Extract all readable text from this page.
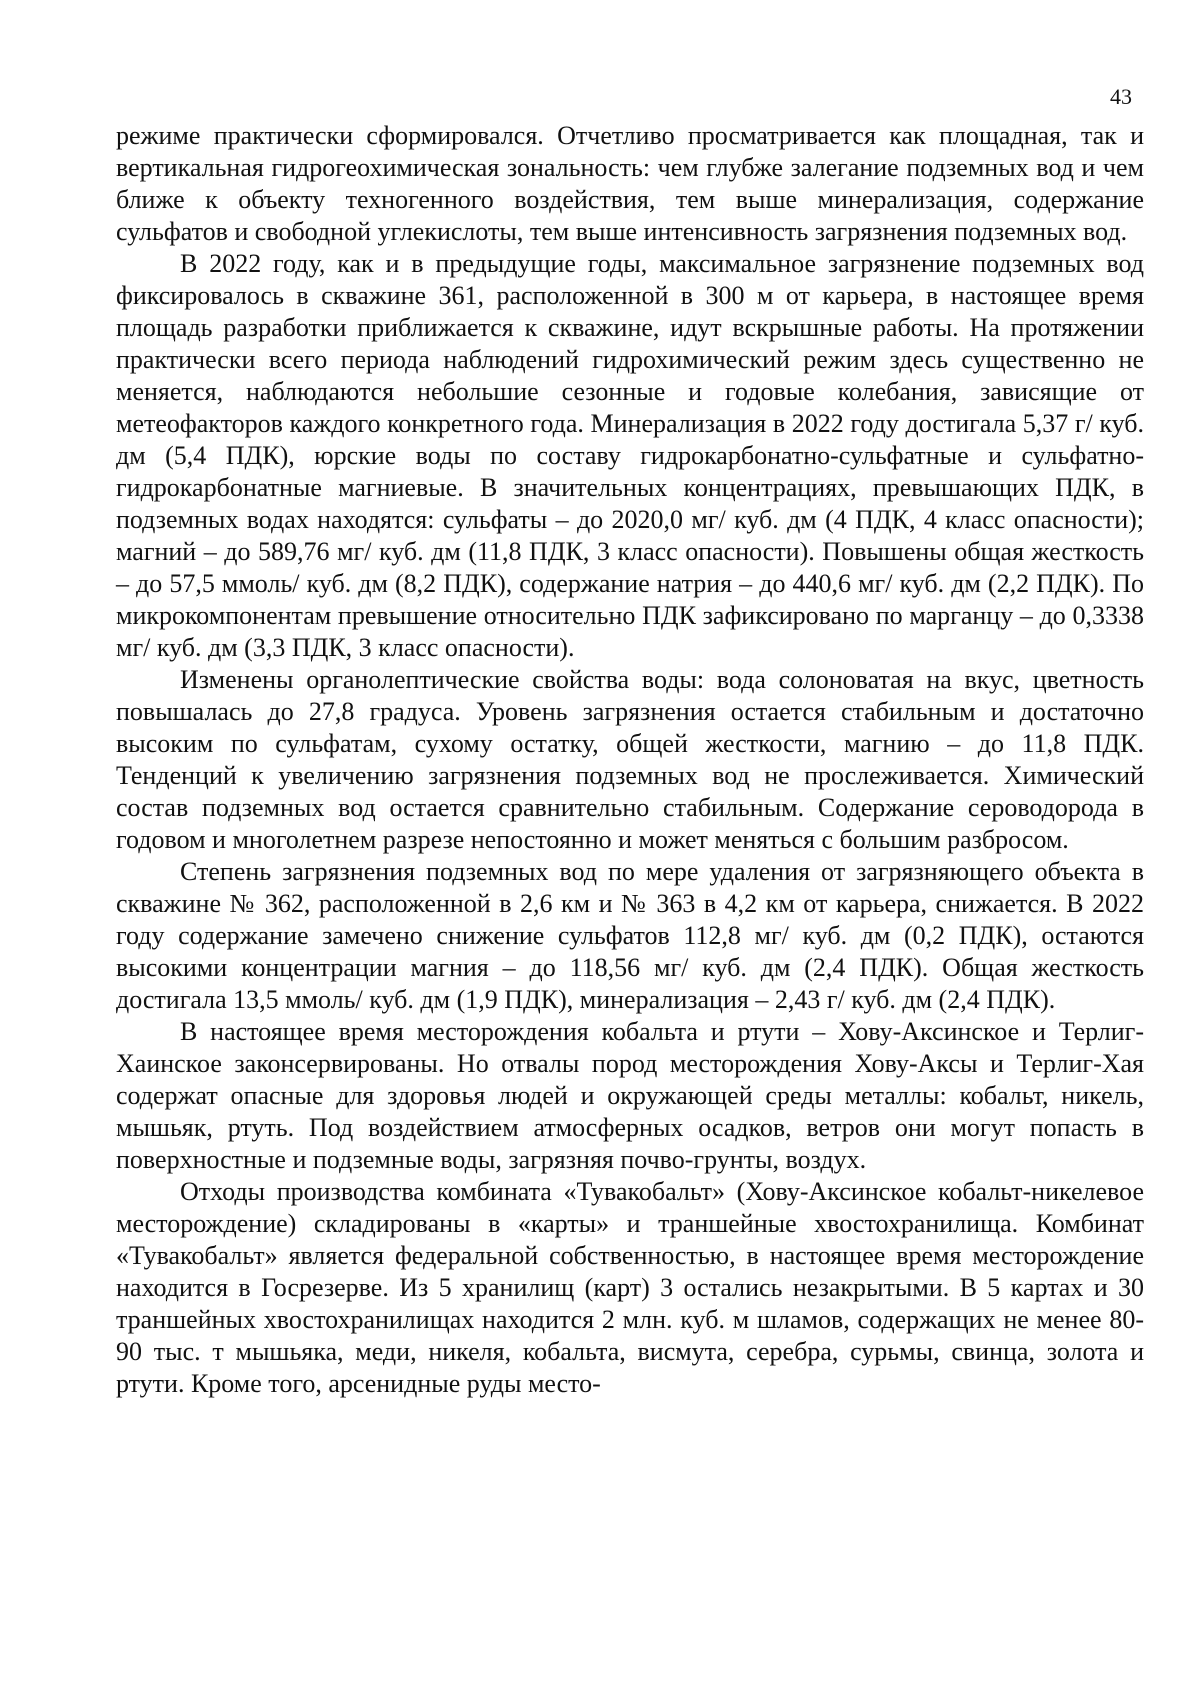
43

режиме практически сформировался. Отчетливо просматривается как площадная, так и вертикальная гидрогеохимическая зональность: чем глубже залегание подземных вод и чем ближе к объекту техногенного воздействия, тем выше минерализация, содержание сульфатов и свободной углекислоты, тем выше интенсивность загрязнения подземных вод.

В 2022 году, как и в предыдущие годы, максимальное загрязнение подземных вод фиксировалось в скважине 361, расположенной в 300 м от карьера, в настоящее время площадь разработки приближается к скважине, идут вскрышные работы. На протяжении практически всего периода наблюдений гидрохимический режим здесь существенно не меняется, наблюдаются небольшие сезонные и годовые колебания, зависящие от метеофакторов каждого конкретного года. Минерализация в 2022 году достигала 5,37 г/ куб. дм (5,4 ПДК), юрские воды по составу гидрокарбонатно-сульфатные и сульфатно-гидрокарбонатные магниевые. В значительных концентрациях, превышающих ПДК, в подземных водах находятся: сульфаты – до 2020,0 мг/ куб. дм (4 ПДК, 4 класс опасности); магний – до 589,76 мг/ куб. дм (11,8 ПДК, 3 класс опасности). Повышены общая жесткость – до 57,5 ммоль/ куб. дм (8,2 ПДК), содержание натрия – до 440,6 мг/ куб. дм (2,2 ПДК). По микрокомпонентам превышение относительно ПДК зафиксировано по марганцу – до 0,3338 мг/ куб. дм (3,3 ПДК, 3 класс опасности).

Изменены органолептические свойства воды: вода солоноватая на вкус, цветность повышалась до 27,8 градуса. Уровень загрязнения остается стабильным и достаточно высоким по сульфатам, сухому остатку, общей жесткости, магнию – до 11,8 ПДК. Тенденций к увеличению загрязнения подземных вод не прослеживается. Химический состав подземных вод остается сравнительно стабильным. Содержание сероводорода в годовом и многолетнем разрезе непостоянно и может меняться с большим разбросом.

Степень загрязнения подземных вод по мере удаления от загрязняющего объекта в скважине № 362, расположенной в 2,6 км и № 363 в 4,2 км от карьера, снижается. В 2022 году содержание замечено снижение сульфатов 112,8 мг/ куб. дм (0,2 ПДК), остаются высокими концентрации магния – до 118,56 мг/ куб. дм (2,4 ПДК). Общая жесткость достигала 13,5 ммоль/ куб. дм (1,9 ПДК), минерализация – 2,43 г/ куб. дм (2,4 ПДК).

В настоящее время месторождения кобальта и ртути – Хову-Аксинское и Терлиг-Хаинское законсервированы. Но отвалы пород месторождения Хову-Аксы и Терлиг-Хая содержат опасные для здоровья людей и окружающей среды металлы: кобальт, никель, мышьяк, ртуть. Под воздействием атмосферных осадков, ветров они могут попасть в поверхностные и подземные воды, загрязняя почво-грунты, воздух.

Отходы производства комбината «Тувакобальт» (Хову-Аксинское кобальт-никелевое месторождение) складированы в «карты» и траншейные хвостохранилища. Комбинат «Тувакобальт» является федеральной собственностью, в настоящее время месторождение находится в Госрезерве. Из 5 хранилищ (карт) 3 остались незакрытыми. В 5 картах и 30 траншейных хвостохранилищах находится 2 млн. куб. м шламов, содержащих не менее 80-90 тыс. т мышьяка, меди, никеля, кобальта, висмута, серебра, сурьмы, свинца, золота и ртути. Кроме того, арсенидные руды место-
